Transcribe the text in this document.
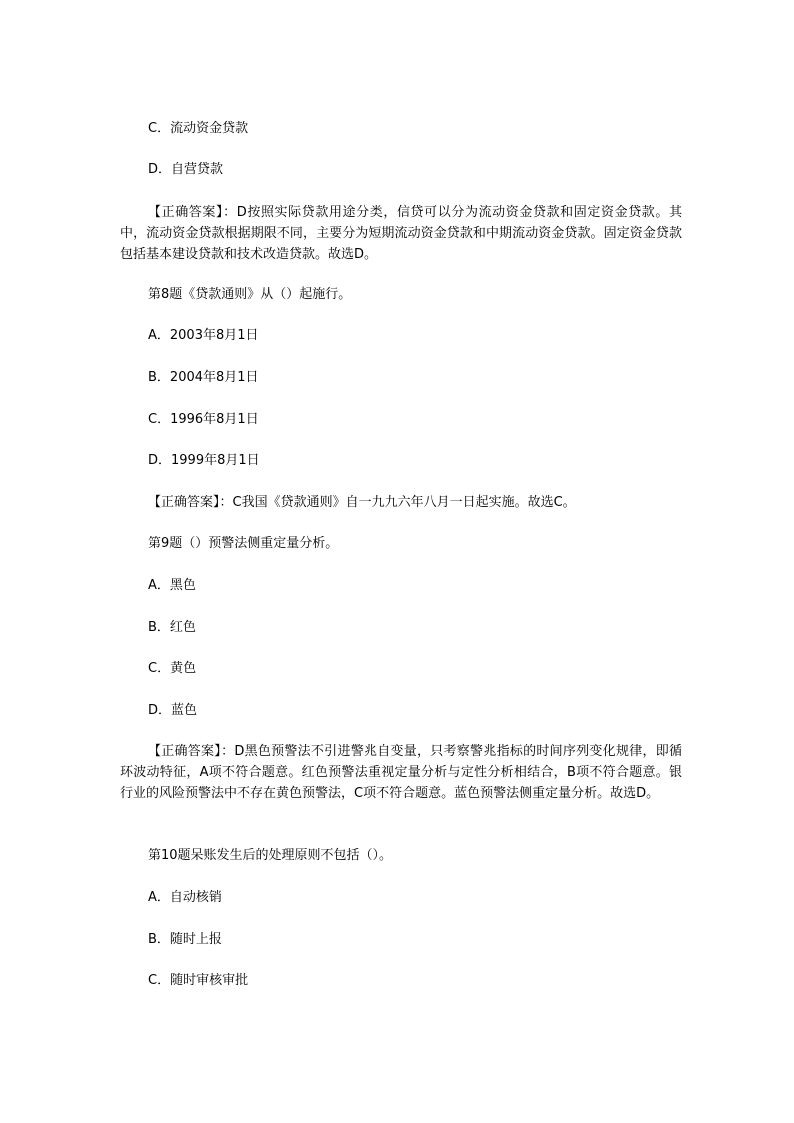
C．流动资金贷款

D．自营贷款

【正确答案】：D按照实际贷款用途分类，信贷可以分为流动资金贷款和固定资金贷款。其中，流动资金贷款根据期限不同，主要分为短期流动资金贷款和中期流动资金贷款。固定资金贷款包括基本建设贷款和技术改造贷款。故选D。

第8题《贷款通则》从（）起施行。

A．2003年8月1日

B．2004年8月1日

C．1996年8月1日

D．1999年8月1日

【正确答案】：C我国《贷款通则》自一九九六年八月一日起实施。故选C。

第9题（）预警法侧重定量分析。

A．黑色

B．红色

C．黄色

D．蓝色

【正确答案】：D黑色预警法不引进警兆自变量，只考察警兆指标的时间序列变化规律，即循环波动特征，A项不符合题意。红色预警法重视定量分析与定性分析相结合，B项不符合题意。银行业的风险预警法中不存在黄色预警法，C项不符合题意。蓝色预警法侧重定量分析。故选D。

第10题呆账发生后的处理原则不包括（）。

A．自动核销

B．随时上报

C．随时审核审批
